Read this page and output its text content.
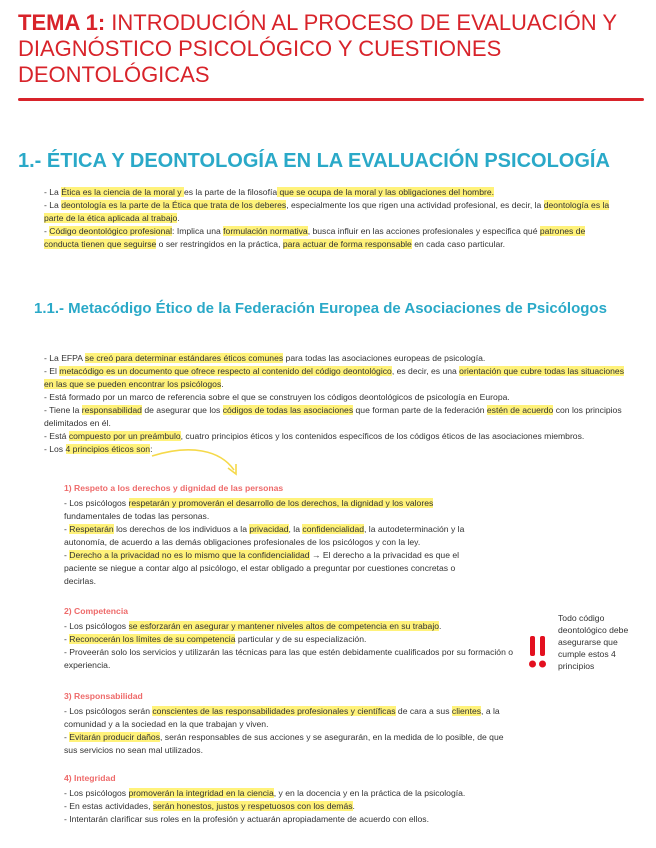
TEMA 1: INTRODUCIÓN AL PROCESO DE EVALUACIÓN Y DIAGNÓSTICO PSICOLÓGICO Y CUESTIONES DEONTOLÓGICAS
1.- ÉTICA Y DEONTOLOGÍA EN LA EVALUACIÓN PSICOLOGÍA

- La Ética es la ciencia de la moral y es la parte de la filosofía que se ocupa de la moral y las obligaciones del hombre.

- La deontología es la parte de la Ética que trata de los deberes, especialmente los que rigen una actividad profesional, es decir, la deontología es la parte de la ética aplicada al trabajo.

- Código deontológico profesional: Implica una formulación normativa, busca influir en las acciones profesionales y especifica qué patrones de conducta tienen que seguirse o ser restringidos en la práctica, para actuar de forma responsable en cada caso particular.

1.1.- Metacódigo Ético de la Federación Europea de Asociaciones de Psicólogos

- La EFPA se creó para determinar estándares éticos comunes para todas las asociaciones europeas de psicología.

- El metacódigo es un documento que ofrece respecto al contenido del código deontológico, es decir, es una orientación que cubre todas las situaciones en las que se pueden encontrar los psicólogos.

- Está formado por un marco de referencia sobre el que se construyen los códigos deontológicos de psicología en Europa.

- Tiene la responsabilidad de asegurar que los códigos de todas las asociaciones que forman parte de la federación estén de acuerdo con los principios delimitados en él.

- Está compuesto por un preámbulo, cuatro principios éticos y los contenidos específicos de los códigos éticos de las asociaciones miembros.

- Los 4 principios éticos son:

1) Respeto a los derechos y dignidad de las personas

- Los psicólogos respetarán y promoverán el desarrollo de los derechos, la dignidad y los valores fundamentales de todas las personas.

- Respetarán los derechos de los individuos a la privacidad, la confidencialidad, la autodeterminación y la autonomía, de acuerdo a las demás obligaciones profesionales de los psicólogos y con la ley.

- Derecho a la privacidad no es lo mismo que la confidencialidad → El derecho a la privacidad es que el paciente se niegue a contar algo al psicólogo, el estar obligado a preguntar por cuestiones concretas o decirlas.

2) Competencia

- Los psicólogos se esforzarán en asegurar y mantener niveles altos de competencia en su trabajo.

- Reconocerán los límites de su competencia particular y de su especialización.

- Proveerán solo los servicios y utilizarán las técnicas para las que estén debidamente cualificados por su formación o experiencia.

3) Responsabilidad

- Los psicólogos serán conscientes de las responsabilidades profesionales y científicas de cara a sus clientes, a la comunidad y a la sociedad en la que trabajan y viven.

- Evitarán producir daños, serán responsables de sus acciones y se asegurarán, en la medida de lo posible, de que sus servicios no sean mal utilizados.

4) Integridad

- Los psicólogos promoverán la integridad en la ciencia, y en la docencia y en la práctica de la psicología.

- En estas actividades, serán honestos, justos y respetuosos con los demás.

- Intentarán clarificar sus roles en la profesión y actuarán apropiadamente de acuerdo con ellos.

Todo código deontológico debe asegurarse que cumple estos 4 principios
